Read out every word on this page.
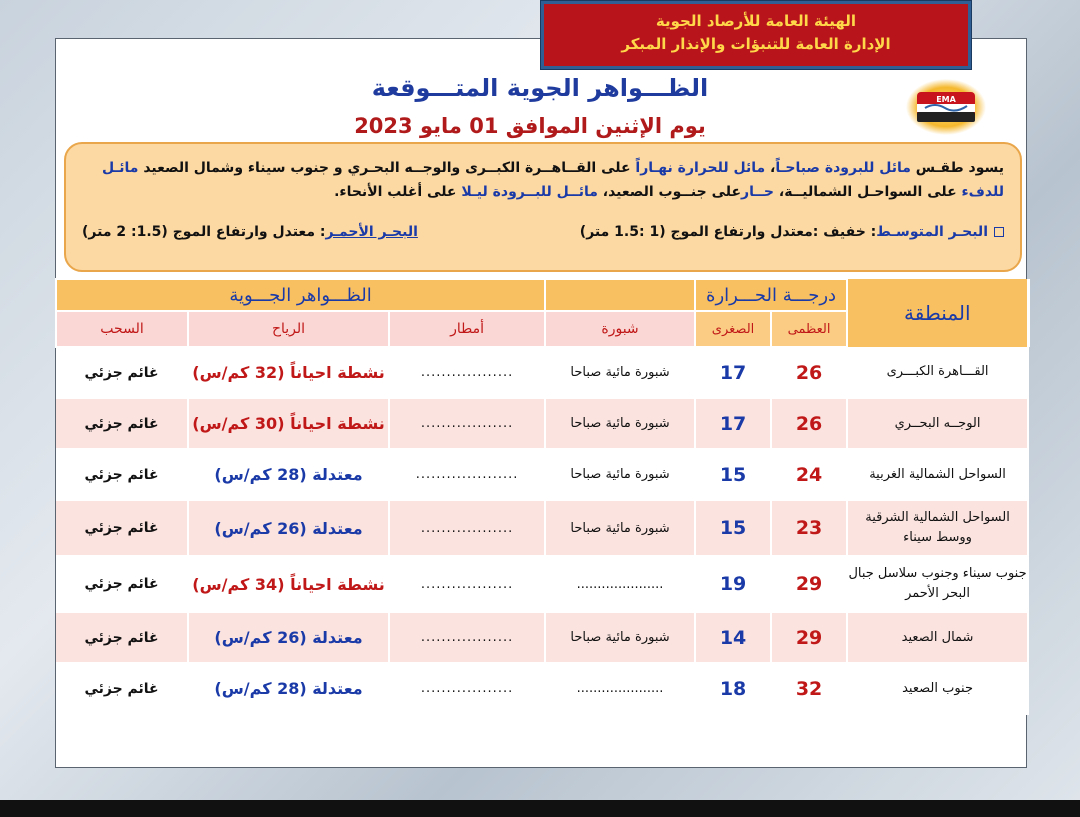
الهيئة العامة للأرصاد الجوية
الإدارة العامة للتنبؤات والإنذار المبكر
EMA
الظـــواهر الجوية المتـــوقعة
يوم الإثنين الموافق 01 مايو 2023

يسود طقـس مائل للبرودة صباحـاً، مائل للحرارة نهـاراً على القــاهــرة الكبــرى والوجــه البحـري و جنوب سيناء وشمال الصعيد مائـل للدفء على السواحـل الشماليــة، حــارعلى جنــوب الصعيد، مائــل للبــرودة ليـلا على أغلب الأنحاء.

البحـر المتوسـط: خفيف :معتدل وارتفاع الموج (1 :1.5 متر)
البحـر الأحمـر: معتدل وارتفاع الموج (1.5: 2 متر)
المنطقة	درجـــة الحـــرارة			الظـــواهر الجـــوية		
	العظمى	الصغرى	شبورة	أمطار	الرياح	السحب
القـــاهرة الكبـــرى	26	17	شبورة مائية صباحا	..................	نشطة احياناً (32 كم/س)	غائم جزئي
الوجــه البحــري	26	17	شبورة مائية صباحا	..................	نشطة احياناً (30 كم/س)	غائم جزئي
السواحل الشمالية الغربية	24	15	شبورة مائية صباحا	....................	معتدلة (28 كم/س)	غائم جزئي
السواحل الشمالية الشرقية ووسط سيناء	23	15	شبورة مائية صباحا	..................	معتدلة (26 كم/س)	غائم جزئي
جنوب سيناء وجنوب سلاسل جبال البحر الأحمر	29	19	.....................	..................	نشطة احياناً (34 كم/س)	غائم جزئي
شمال الصعيد	29	14	شبورة مائية صباحا	..................	معتدلة (26 كم/س)	غائم جزئي
جنوب الصعيد	32	18	.....................	..................	معتدلة (28 كم/س)	غائم جزئي
